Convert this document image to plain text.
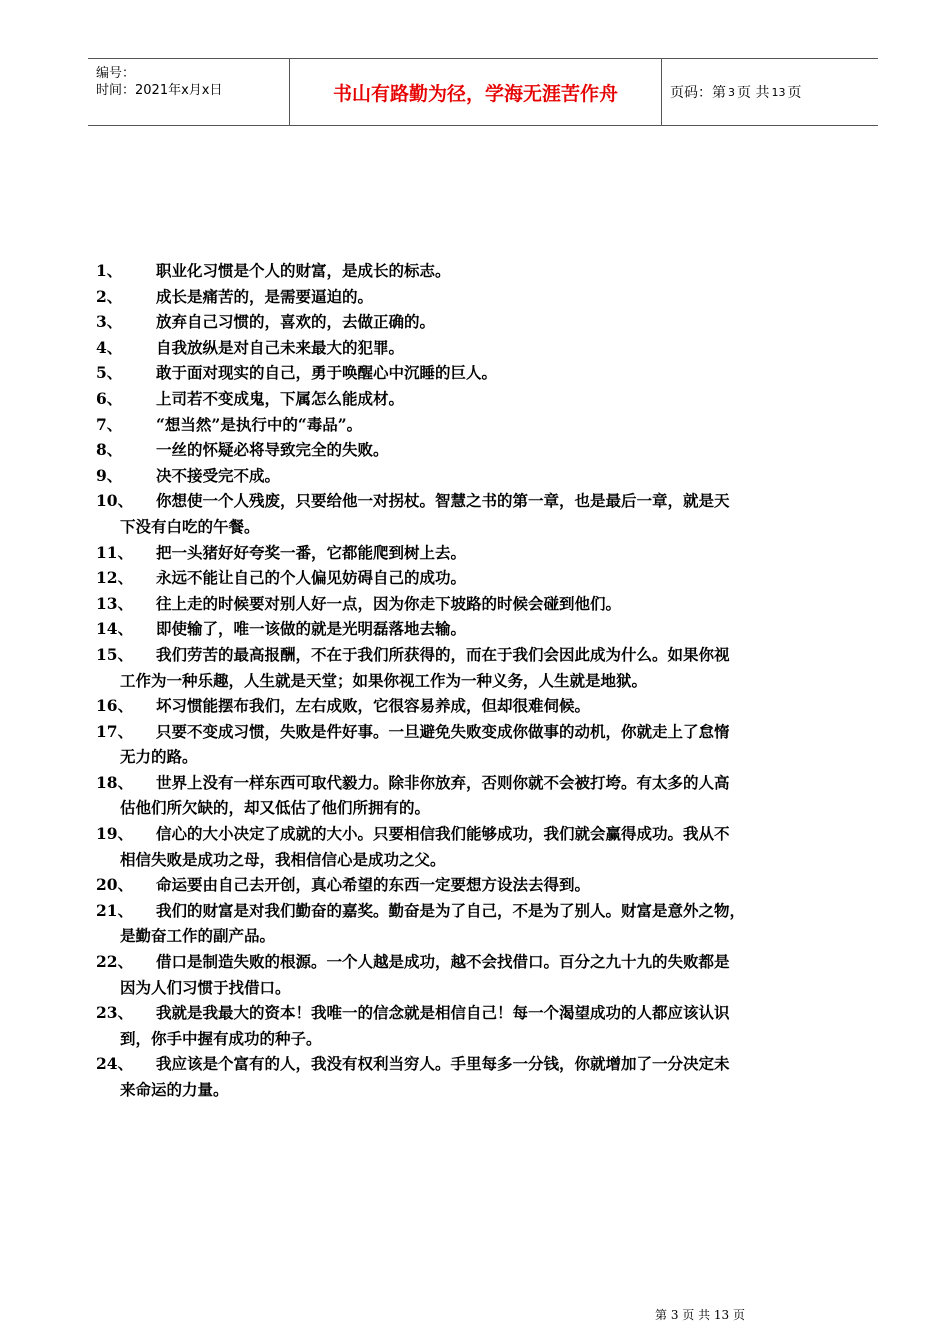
编号：
时间：2021年x月x日	书山有路勤为径，学海无涯苦作舟	页码：第 3 页 共 13 页
1、	职业化习惯是个人的财富，是成长的标志。
2、	成长是痛苦的，是需要逼迫的。
3、	放弃自己习惯的，喜欢的，去做正确的。
4、	自我放纵是对自己未来最大的犯罪。
5、	敢于面对现实的自己，勇于唤醒心中沉睡的巨人。
6、	上司若不变成鬼，下属怎么能成材。
7、	“想当然”是执行中的“毒品”。
8、	一丝的怀疑必将导致完全的失败。
9、	决不接受完不成。
10、	你想使一个人残废，只要给他一对拐杖。智慧之书的第一章，也是最后一章，就是天
下没有白吃的午餐。
11、	把一头猪好好夸奖一番，它都能爬到树上去。
12、	永远不能让自己的个人偏见妨碍自己的成功。
13、	往上走的时候要对别人好一点，因为你走下坡路的时候会碰到他们。
14、	即使输了，唯一该做的就是光明磊落地去输。
15、	我们劳苦的最高报酬，不在于我们所获得的，而在于我们会因此成为什么。如果你视
工作为一种乐趣，人生就是天堂；如果你视工作为一种义务，人生就是地狱。
16、	坏习惯能摆布我们，左右成败，它很容易养成，但却很难伺候。
17、	只要不变成习惯，失败是件好事。一旦避免失败变成你做事的动机，你就走上了怠惰
无力的路。
18、	世界上没有一样东西可取代毅力。除非你放弃，否则你就不会被打垮。有太多的人高
估他们所欠缺的，却又低估了他们所拥有的。
19、	信心的大小决定了成就的大小。只要相信我们能够成功，我们就会赢得成功。我从不
相信失败是成功之母，我相信信心是成功之父。
20、	命运要由自己去开创，真心希望的东西一定要想方设法去得到。
21、	我们的财富是对我们勤奋的嘉奖。勤奋是为了自己，不是为了别人。财富是意外之物，
是勤奋工作的副产品。
22、	借口是制造失败的根源。一个人越是成功，越不会找借口。百分之九十九的失败都是
因为人们习惯于找借口。
23、	我就是我最大的资本！我唯一的信念就是相信自己！每一个渴望成功的人都应该认识
到，你手中握有成功的种子。
24、	我应该是个富有的人，我没有权利当穷人。手里每多一分钱，你就增加了一分决定未
来命运的力量。
第 3 页 共 13 页
